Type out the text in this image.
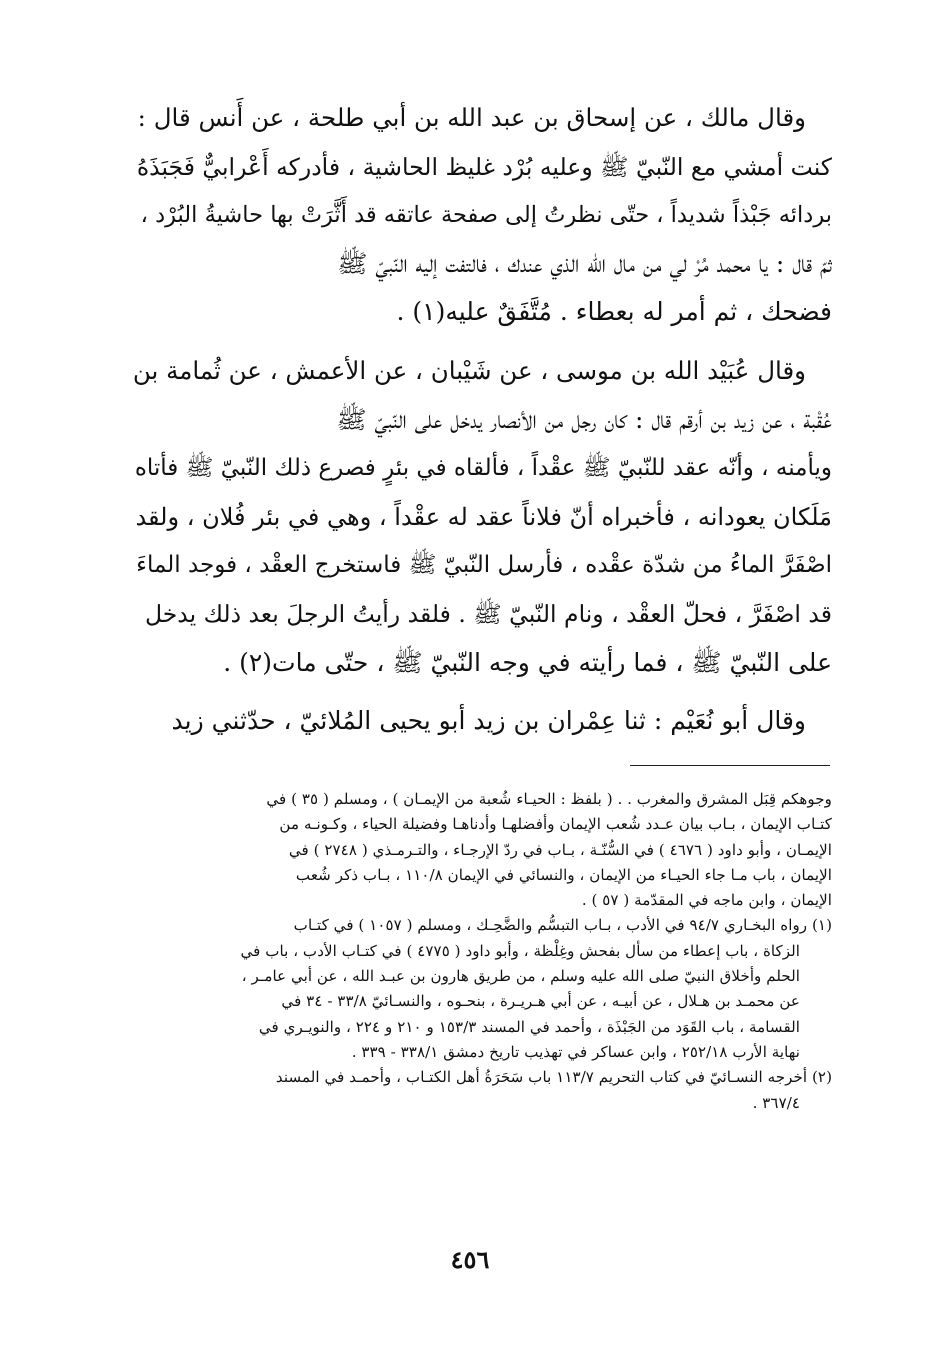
وقال مالك ، عن إسحاق بن عبد الله بن أبي طلحة ، عن أَنس قال :
كنت أمشي مع النّبيّ ﷺ وعليه بُرْد غليظ الحاشية ، فأدركه أَعْرابيٌّ فَجَبَذَهُ
بردائه جَبْذاً شديداً ، حتّى نظرتُ إلى صفحة عاتقه قد أَثَّرَتْ بها حاشيةُ البُرْد ،
ثمّ قال : يا محمد مُرْ لي من مال الله الذي عندك ، فالتفت إليه النّبيّ ﷺ
فضحك ، ثم أمر له بعطاء . مُتَّفَقٌ عليه(١) .
وقال عُبَيْد الله بن موسى ، عن شَيْبان ، عن الأعمش ، عن ثُمامة بن
عُقْبة ، عن زيد بن أرقم قال : كان رجل من الأنصار يدخل على النّبيّ ﷺ
ويأمنه ، وأنّه عقد للنّبيّ ﷺ عقْداً ، فألقاه في بئرٍ فصرع ذلك النّبيّ ﷺ فأتاه
مَلَكان يعودانه ، فأخبراه أنّ فلاناً عقد له عقْداً ، وهي في بئر فُلان ، ولقد
اصْفَرَّ الماءُ من شدّة عقْده ، فأرسل النّبيّ ﷺ فاستخرج العقْد ، فوجد الماءَ
قد اصْفَرَّ ، فحلّ العقْد ، ونام النّبيّ ﷺ . فلقد رأيتُ الرجلَ بعد ذلك يدخل
على النّبيّ ﷺ ، فما رأيته في وجه النّبيّ ﷺ ، حتّى مات(٢) .
وقال أبو نُعَيْم : ثنا عِمْران بن زيد أبو يحيى المُلائيّ ، حدّثني زيد
وجوهكم قِبَل المشرق والمغرب . . ( بلفظ : الحيـاء شُعبة من الإيمـان ) ، ومسلم ( ٣٥ ) في
كتـاب الإيمان ، بـاب بيان عـدد شُعب الإيمان وأفضلهـا وأدناهـا وفضيلة الحياء ، وكـونـه من
الإيمـان ، وأبو داود ( ٤٦٧٦ ) في السُّنّـة ، بـاب في ردّ الإرجـاء ، والتـرمـذي ( ٢٧٤٨ ) في
الإيمان ، باب مـا جاء الحيـاء من الإيمان ، والنسائي في الإيمان ١١٠/٨ ، بـاب ذكر شُعب
الإيمان ، وابن ماجه في المقدّمة ( ٥٧ ) .
(١) رواه البخـاري ٩٤/٧ في الأدب ، بـاب التبسُّم والضَّحِـك ، ومسلم ( ١٠٥٧ ) في كتـاب
الزكاة ، باب إعطاء من سأل بفحش وغِلْظة ، وأبو داود ( ٤٧٧٥ ) في كتـاب الأدب ، باب في
الحلم وأخلاق النبيّ صلى الله عليه وسلم ، من طريق هارون بن عبـد الله ، عن أبي عامـر ،
عن محمـد بن هـلال ، عن أبيـه ، عن أبي هـريـرة ، بنحـوه ، والنسـائيّ ٣٣/٨ - ٣٤ في
القسامة ، باب القَوَد من الجَبْذَة ، وأحمد في المسند ١٥٣/٣ و ٢١٠ و ٢٢٤ ، والنويـري في
نهاية الأرب ٢٥٢/١٨ ، وابن عساكر في تهذيب تاريخ دمشق ٣٣٨/١ - ٣٣٩ .
(٢) أخرجه النسـائيّ في كتاب التحريم ١١٣/٧ باب سَحَرَةُ أهل الكتـاب ، وأحمـد في المسند
٣٦٧/٤ .
٤٥٦
